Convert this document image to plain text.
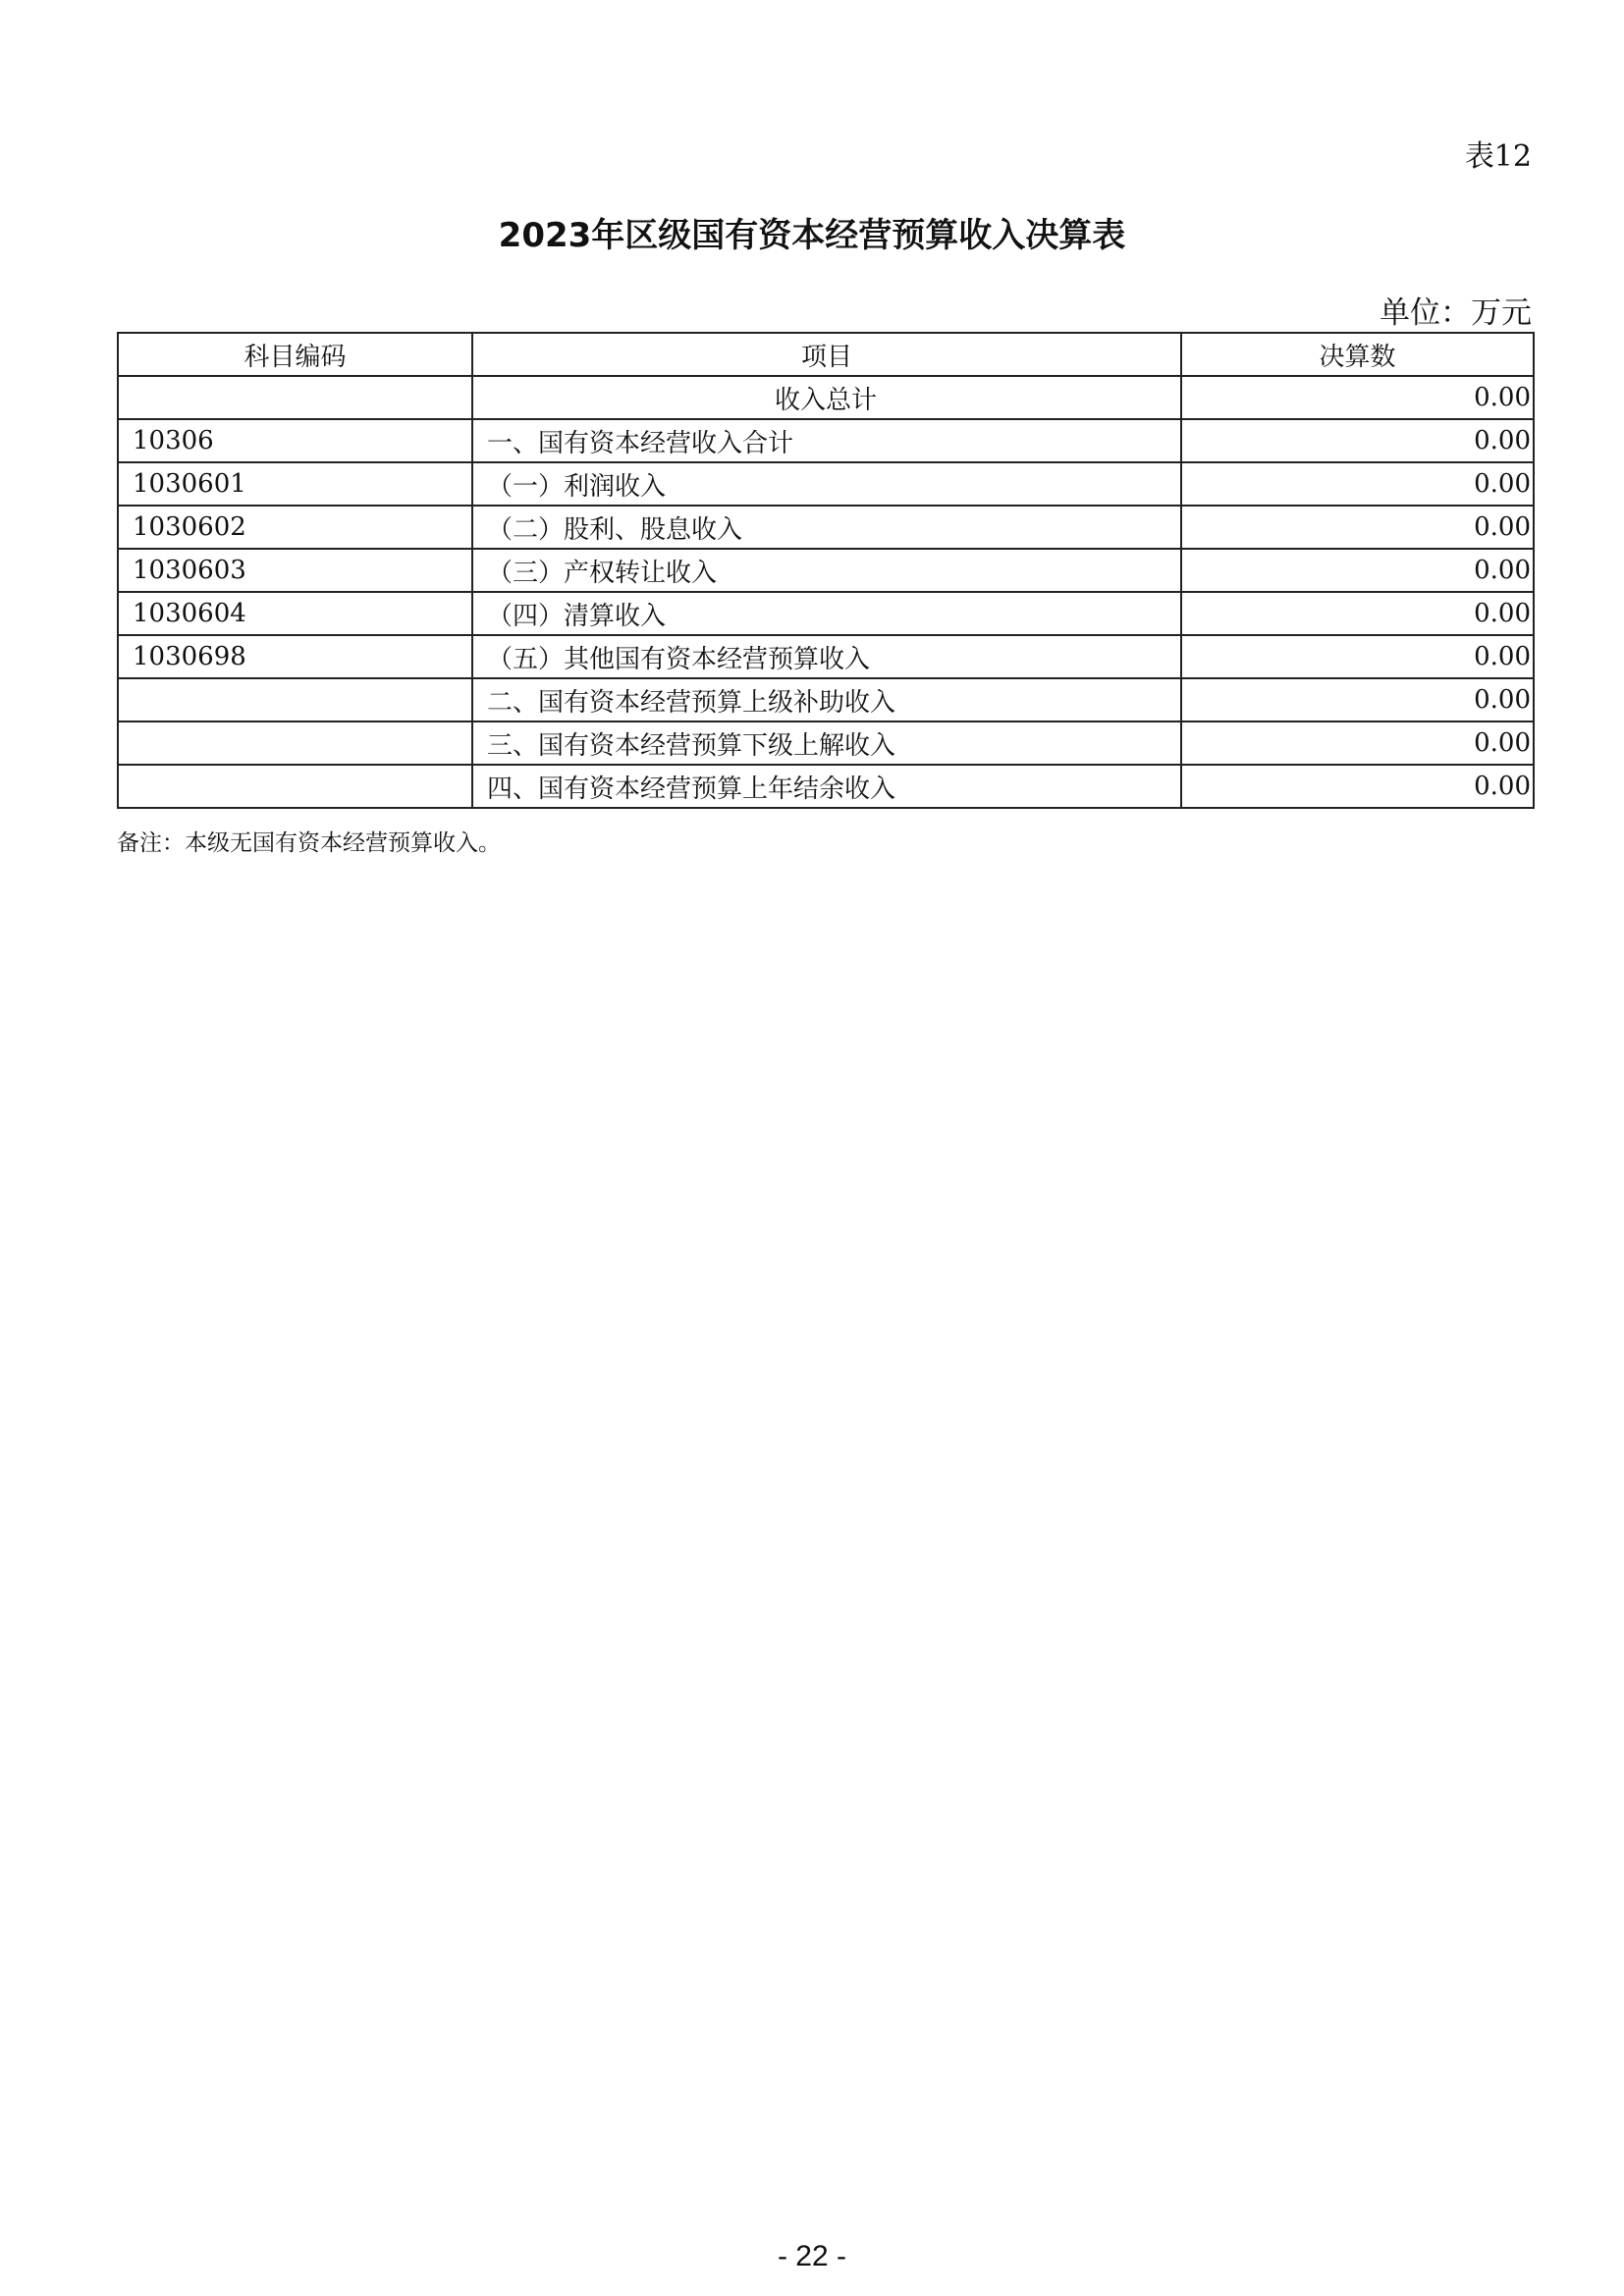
表12
2023年区级国有资本经营预算收入决算表
单位：万元
科目编码	项目	决算数
	收入总计	0.00
10306	一、国有资本经营收入合计	0.00
1030601	（一）利润收入	0.00
1030602	（二）股利、股息收入	0.00
1030603	（三）产权转让收入	0.00
1030604	（四）清算收入	0.00
1030698	（五）其他国有资本经营预算收入	0.00
	二、国有资本经营预算上级补助收入	0.00
	三、国有资本经营预算下级上解收入	0.00
	四、国有资本经营预算上年结余收入	0.00
备注：本级无国有资本经营预算收入。
- 22 -
